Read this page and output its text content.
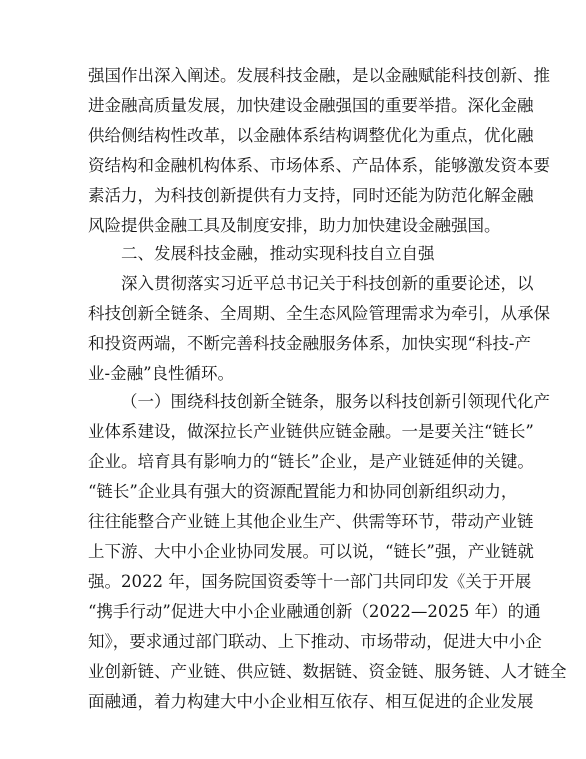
强国作出深入阐述。发展科技金融，是以金融赋能科技创新、推
进金融高质量发展，加快建设金融强国的重要举措。深化金融
供给侧结构性改革，以金融体系结构调整优化为重点，优化融
资结构和金融机构体系、市场体系、产品体系，能够激发资本要
素活力，为科技创新提供有力支持，同时还能为防范化解金融
风险提供金融工具及制度安排，助力加快建设金融强国。
二、发展科技金融，推动实现科技自立自强
深入贯彻落实习近平总书记关于科技创新的重要论述，以
科技创新全链条、全周期、全生态风险管理需求为牵引，从承保
和投资两端，不断完善科技金融服务体系，加快实现“科技-产
业-金融”良性循环。
（一）围绕科技创新全链条，服务以科技创新引领现代化产
业体系建设，做深拉长产业链供应链金融。一是要关注“链长”
企业。培育具有影响力的“链长”企业，是产业链延伸的关键。
“链长”企业具有强大的资源配置能力和协同创新组织动力，
往往能整合产业链上其他企业生产、供需等环节，带动产业链
上下游、大中小企业协同发展。可以说，“链长”强，产业链就
强。2022 年，国务院国资委等十一部门共同印发《关于开展
“携手行动”促进大中小企业融通创新（2022—2025 年）的通
知》，要求通过部门联动、上下推动、市场带动，促进大中小企
业创新链、产业链、供应链、数据链、资金链、服务链、人才链全
面融通，着力构建大中小企业相互依存、相互促进的企业发展
